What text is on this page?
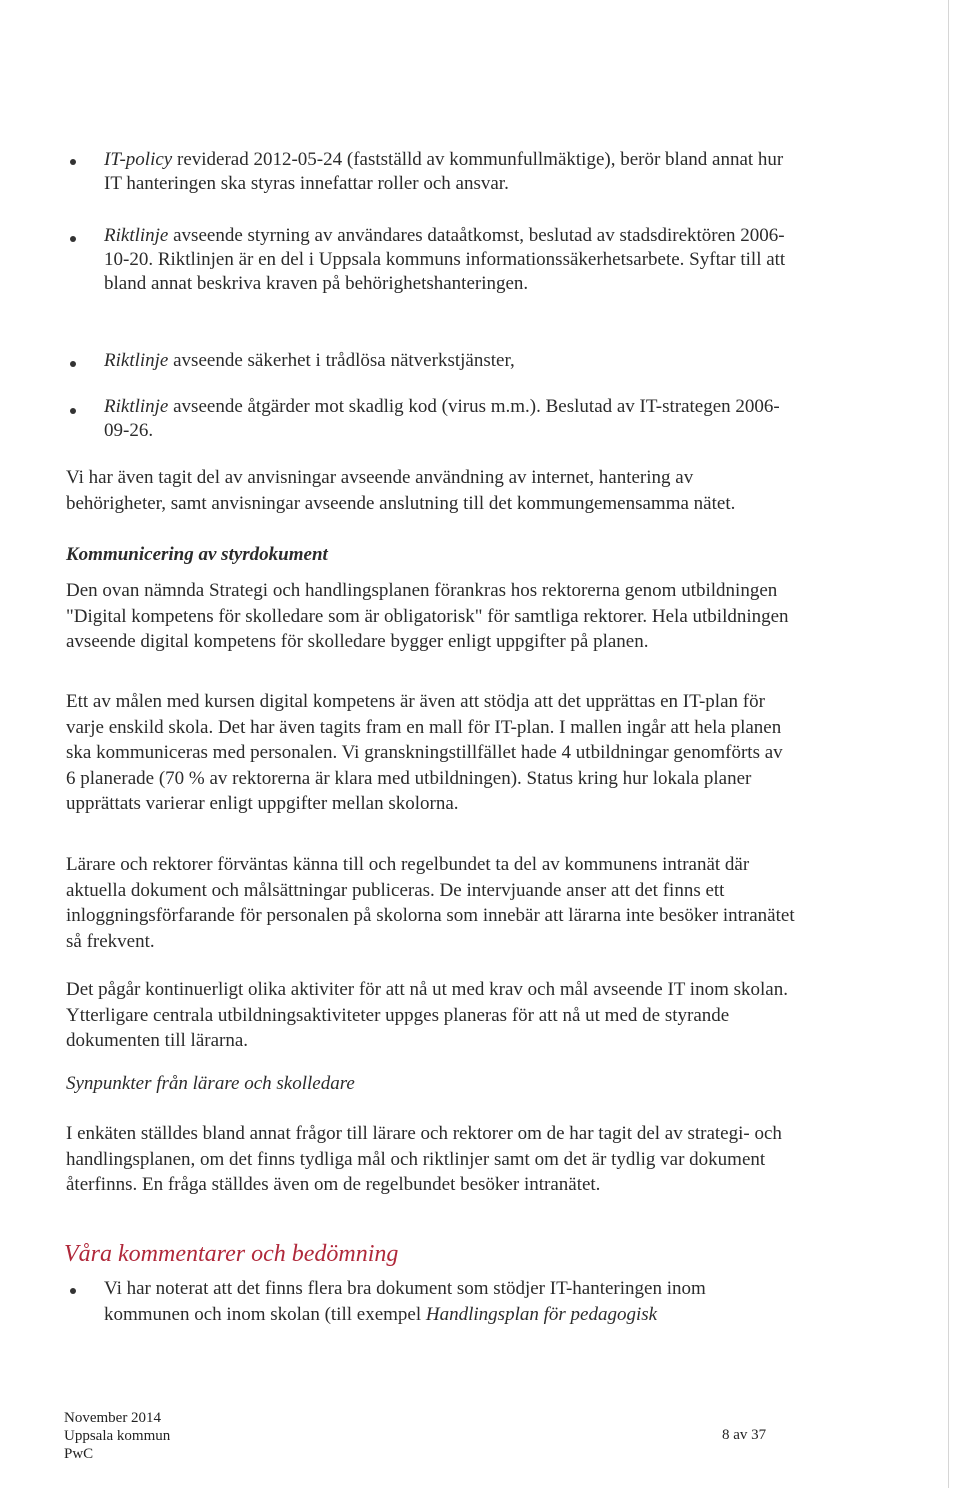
IT-policy reviderad 2012-05-24 (fastställd av kommunfullmäktige), berör bland annat hur IT hanteringen ska styras innefattar roller och ansvar.

Riktlinje avseende styrning av användares dataåtkomst, beslutad av stadsdirektören 2006-10-20. Riktlinjen är en del i Uppsala kommuns informationssäkerhetsarbete. Syftar till att bland annat beskriva kraven på behörighetshanteringen.

Riktlinje avseende säkerhet i trådlösa nätverkstjänster,

Riktlinje avseende åtgärder mot skadlig kod (virus m.m.). Beslutad av IT-strategen 2006-09-26.

Vi har även tagit del av anvisningar avseende användning av internet, hantering av behörigheter, samt anvisningar avseende anslutning till det kommungemensamma nätet.

Kommunicering av styrdokument

Den ovan nämnda Strategi och handlingsplanen förankras hos rektorerna genom utbildningen "Digital kompetens för skolledare som är obligatorisk" för samtliga rektorer. Hela utbildningen avseende digital kompetens för skolledare bygger enligt uppgifter på planen.

Ett av målen med kursen digital kompetens är även att stödja att det upprättas en IT-plan för varje enskild skola. Det har även tagits fram en mall för IT-plan. I mallen ingår att hela planen ska kommuniceras med personalen. Vi granskningstillfället hade 4 utbildningar genomförts av 6 planerade (70 % av rektorerna är klara med utbildningen). Status kring hur lokala planer upprättats varierar enligt uppgifter mellan skolorna.

Lärare och rektorer förväntas känna till och regelbundet ta del av kommunens intranät där aktuella dokument och målsättningar publiceras. De intervjuande anser att det finns ett inloggningsförfarande för personalen på skolorna som innebär att lärarna inte besöker intranätet så frekvent.

Det pågår kontinuerligt olika aktiviter för att nå ut med krav och mål avseende IT inom skolan. Ytterligare centrala utbildningsaktiviteter uppges planeras för att nå ut med de styrande dokumenten till lärarna.

Synpunkter från lärare och skolledare

I enkäten ställdes bland annat frågor till lärare och rektorer om de har tagit del av strategi- och handlingsplanen, om det finns tydliga mål och riktlinjer samt om det är tydlig var dokument återfinns. En fråga ställdes även om de regelbundet besöker intranätet.

Våra kommentarer och bedömning

Vi har noterat att det finns flera bra dokument som stödjer IT-hanteringen inom kommunen och inom skolan (till exempel Handlingsplan för pedagogisk

November 2014
Uppsala kommun
PwC
8 av 37
